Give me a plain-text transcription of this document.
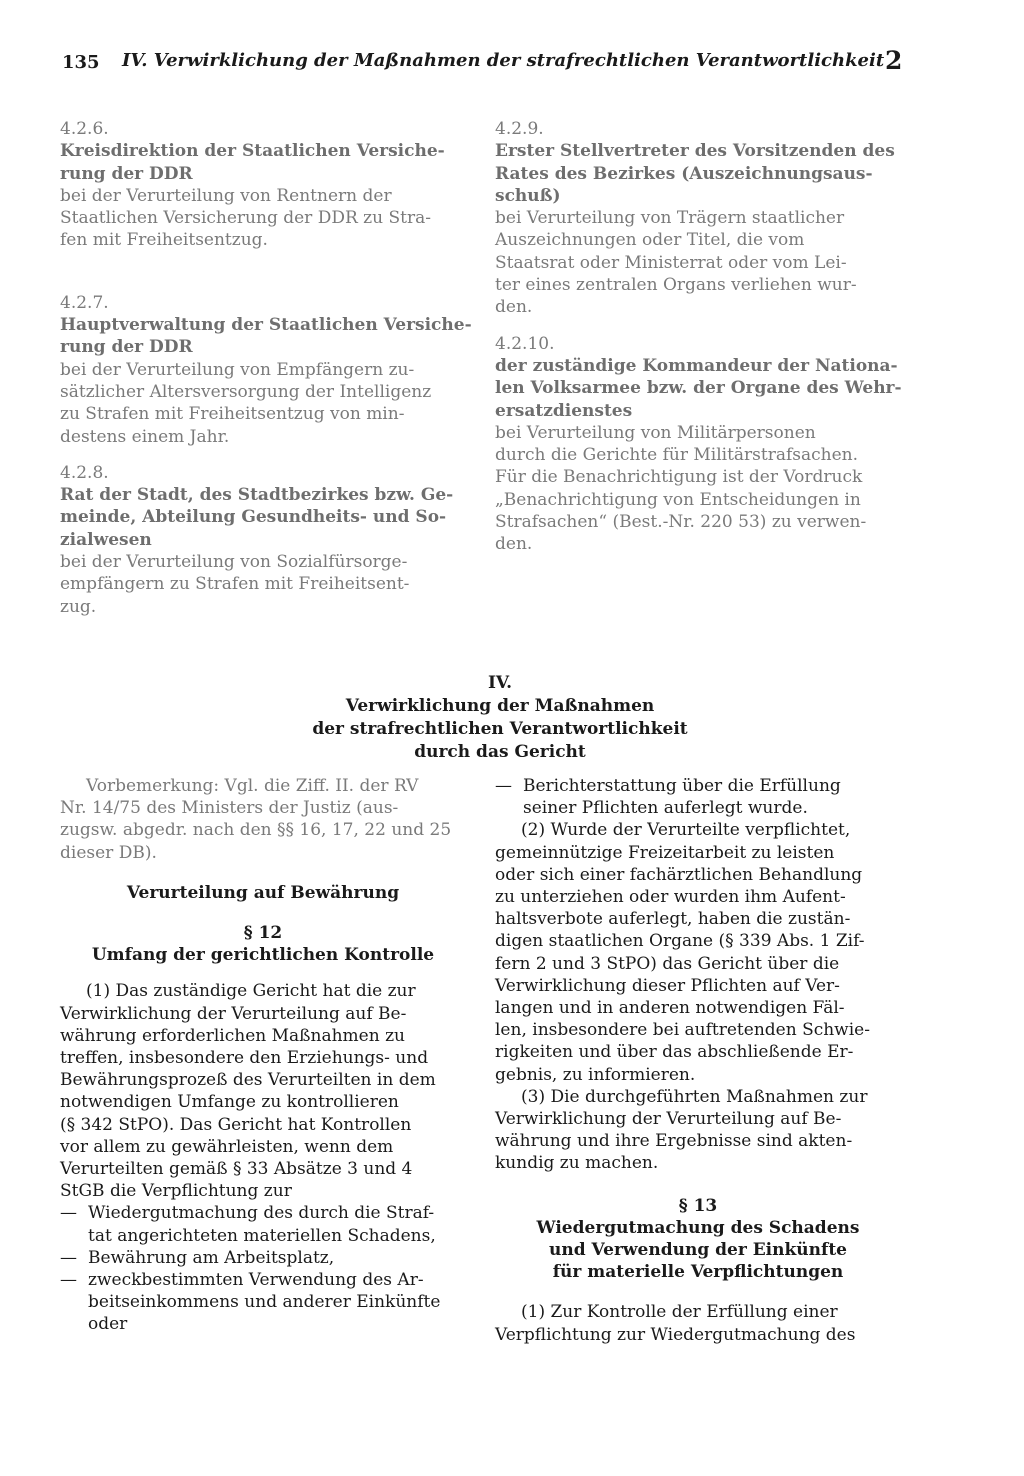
135 IV. Verwirklichung der Maßnahmen der strafrechtlichen Verantwortlichkeit 2
4.2.6.
Kreisdirektion der Staatlichen Versiche-
rung der DDR
bei der Verurteilung von Rentnern der
Staatlichen Versicherung der DDR zu Stra-
fen mit Freiheitsentzug.
4.2.7.
Hauptverwaltung der Staatlichen Versiche-
rung der DDR
bei der Verurteilung von Empfängern zu-
sätzlicher Altersversorgung der Intelligenz
zu Strafen mit Freiheitsentzug von min-
destens einem Jahr.
4.2.8.
Rat der Stadt, des Stadtbezirkes bzw. Ge-
meinde, Abteilung Gesundheits- und So-
zialwesen
bei der Verurteilung von Sozialfürsorge-
empfängern zu Strafen mit Freiheitsent-
zug.
4.2.9.
Erster Stellvertreter des Vorsitzenden des
Rates des Bezirkes (Auszeichnungsaus-
schuß)
bei Verurteilung von Trägern staatlicher
Auszeichnungen oder Titel, die vom
Staatsrat oder Ministerrat oder vom Lei-
ter eines zentralen Organs verliehen wur-
den.
4.2.10.
der zuständige Kommandeur der Nationa-
len Volksarmee bzw. der Organe des Wehr-
ersatzdienstes
bei Verurteilung von Militärpersonen
durch die Gerichte für Militärstrafsachen.
Für die Benachrichtigung ist der Vordruck
„Benachrichtigung von Entscheidungen in
Strafsachen“ (Best.-Nr. 220 53) zu verwen-
den.
IV.
Verwirklichung der Maßnahmen
der strafrechtlichen Verantwortlichkeit
durch das Gericht
Vorbemerkung: Vgl. die Ziff. II. der RV
Nr. 14/75 des Ministers der Justiz (aus-
zugsw. abgedr. nach den §§ 16, 17, 22 und 25
dieser DB).
Verurteilung auf Bewährung
§ 12
Umfang der gerichtlichen Kontrolle
(1) Das zuständige Gericht hat die zur
Verwirklichung der Verurteilung auf Be-
währung erforderlichen Maßnahmen zu
treffen, insbesondere den Erziehungs- und
Bewährungsprozeß des Verurteilten in dem
notwendigen Umfange zu kontrollieren
(§ 342 StPO). Das Gericht hat Kontrollen
vor allem zu gewährleisten, wenn dem
Verurteilten gemäß § 33 Absätze 3 und 4
StGB die Verpflichtung zur
— Wiedergutmachung des durch die Straf-
tat angerichteten materiellen Schadens,
— Bewährung am Arbeitsplatz,
— zweckbestimmten Verwendung des Ar-
beitseinkommens und anderer Einkünfte
oder
— Berichterstattung über die Erfüllung
seiner Pflichten auferlegt wurde.
(2) Wurde der Verurteilte verpflichtet,
gemeinnützige Freizeitarbeit zu leisten
oder sich einer fachärztlichen Behandlung
zu unterziehen oder wurden ihm Aufent-
haltsverbote auferlegt, haben die zustän-
digen staatlichen Organe (§ 339 Abs. 1 Zif-
fern 2 und 3 StPO) das Gericht über die
Verwirklichung dieser Pflichten auf Ver-
langen und in anderen notwendigen Fäl-
len, insbesondere bei auftretenden Schwie-
rigkeiten und über das abschließende Er-
gebnis, zu informieren.
(3) Die durchgeführten Maßnahmen zur
Verwirklichung der Verurteilung auf Be-
währung und ihre Ergebnisse sind akten-
kundig zu machen.
§ 13
Wiedergutmachung des Schadens
und Verwendung der Einkünfte
für materielle Verpflichtungen
(1) Zur Kontrolle der Erfüllung einer
Verpflichtung zur Wiedergutmachung des
